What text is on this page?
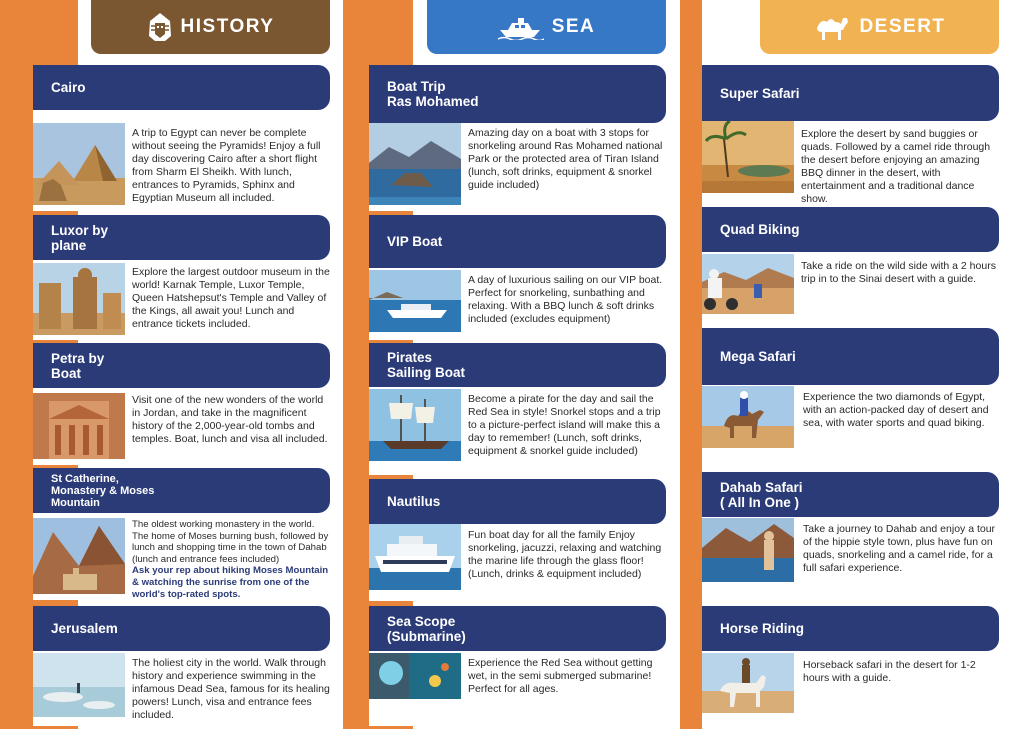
HISTORY
Cairo
A trip to Egypt can never be complete without seeing the Pyramids! Enjoy a full day discovering Cairo after a short flight from Sharm El Sheikh. With lunch, entrances to Pyramids, Sphinx and Egyptian Museum all included.
Luxor by
plane
Explore the largest outdoor museum in the world! Karnak Temple, Luxor Temple, Queen Hatshepsut's Temple and Valley of the Kings, all await you! Lunch and entrance tickets included.
Petra by
Boat
Visit one of the new wonders of the world in Jordan, and take in the magnificent history of the 2,000-year-old tombs and temples. Boat, lunch and visa all included.
St Catherine,
Monastery & Moses
Mountain
The oldest working monastery in the world. The home of Moses burning bush, followed by lunch and shopping time in the town of Dahab (lunch and entrance fees included)
Ask your rep about hiking Moses Mountain & watching the sunrise from one of the world's top-rated spots.
Jerusalem
The holiest city in the world. Walk through history and experience swimming in the infamous Dead Sea, famous for its healing powers! Lunch, visa and entrance fees included.
SEA
Boat Trip
Ras Mohamed
Amazing day on a boat with 3 stops for snorkeling around Ras Mohamed national Park or the protected area of Tiran Island (lunch, soft drinks, equipment & snorkel guide included)
VIP Boat
A day of luxurious sailing on our VIP boat. Perfect for snorkeling, sunbathing and relaxing. With a BBQ lunch & soft drinks included (excludes equipment)
Pirates
Sailing Boat
Become a pirate for the day and sail the Red Sea in style! Snorkel stops and a trip to a picture-perfect island will make this a day to remember! (Lunch, soft drinks, equipment & snorkel guide included)
Nautilus
Fun boat day for all the family Enjoy snorkeling, jacuzzi, relaxing and watching the marine life through the glass floor! (Lunch, drinks & equipment included)
Sea Scope
(Submarine)
Experience the Red Sea without getting wet, in the semi submerged submarine! Perfect for all ages.
DESERT
Super Safari
Explore the desert by sand buggies or quads. Followed by a camel ride through the desert before enjoying an amazing BBQ dinner in the desert, with entertainment and a traditional dance show.
Quad Biking
Take a ride on the wild side with a 2 hours trip in to the Sinai desert with a guide.
Mega Safari
Experience the two diamonds of Egypt, with an action-packed day of desert and sea, with water sports and quad biking.
Dahab Safari
( All In One )
Take a journey to Dahab and enjoy a tour of the hippie style town, plus have fun on quads, snorkeling and a camel ride, for a full safari experience.
Horse Riding
Horseback safari in the desert for 1-2 hours with a guide.
